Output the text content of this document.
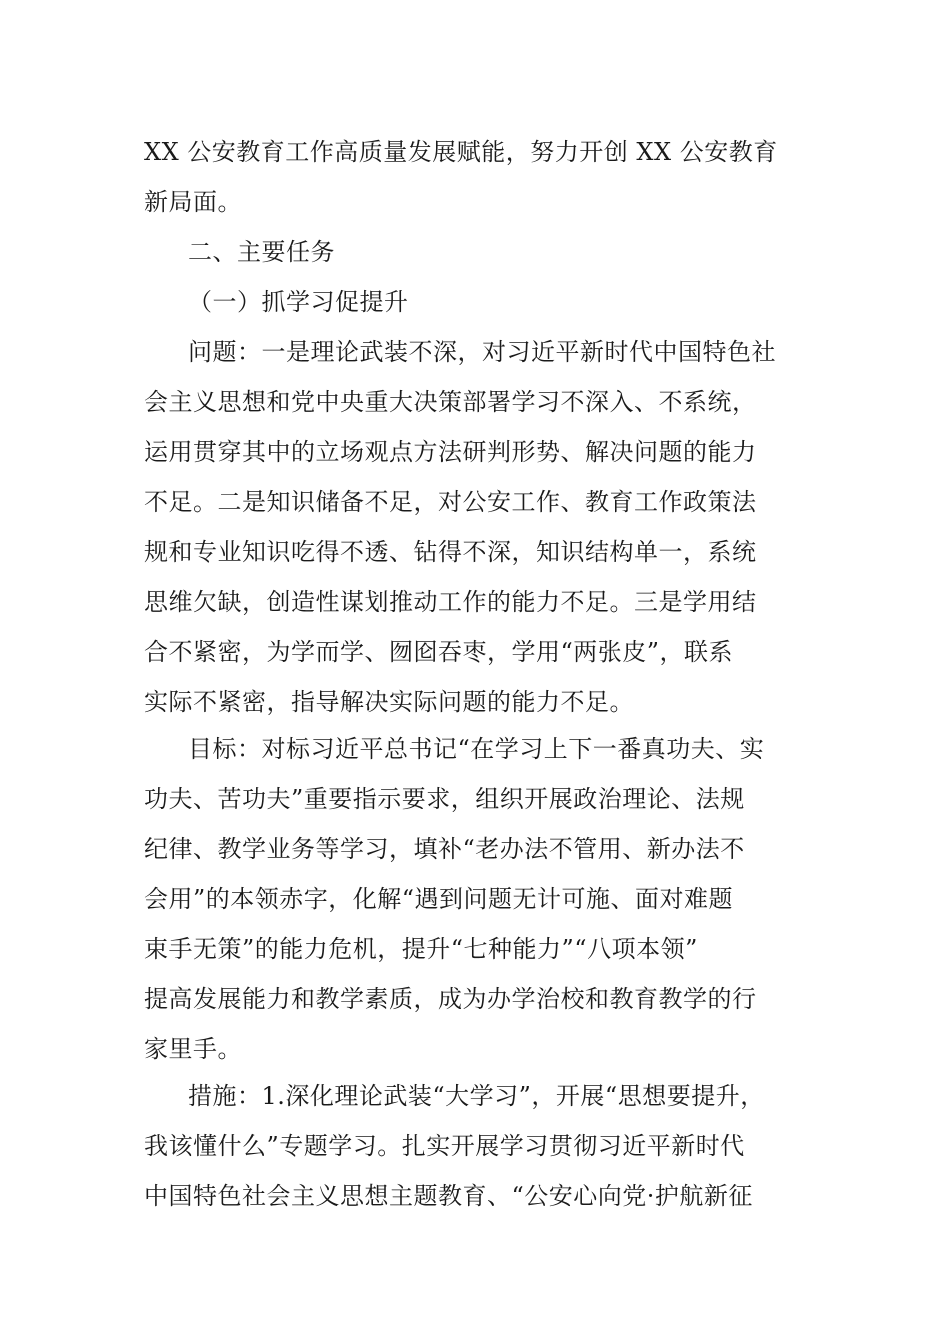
XX 公安教育工作高质量发展赋能，努力开创 XX 公安教育
新局面。
二、主要任务
（一）抓学习促提升
问题：一是理论武装不深，对习近平新时代中国特色社
会主义思想和党中央重大决策部署学习不深入、不系统，
运用贯穿其中的立场观点方法研判形势、解决问题的能力
不足。二是知识储备不足，对公安工作、教育工作政策法
规和专业知识吃得不透、钻得不深，知识结构单一，系统
思维欠缺，创造性谋划推动工作的能力不足。三是学用结
合不紧密，为学而学、囫囵吞枣，学用“两张皮”，联系
实际不紧密，指导解决实际问题的能力不足。
目标：对标习近平总书记“在学习上下一番真功夫、实
功夫、苦功夫”重要指示要求，组织开展政治理论、法规
纪律、教学业务等学习，填补“老办法不管用、新办法不
会用”的本领赤字，化解“遇到问题无计可施、面对难题
束手无策”的能力危机，提升“七种能力”“八项本领”
提高发展能力和教学素质，成为办学治校和教育教学的行
家里手。
措施：1.深化理论武装“大学习”，开展“思想要提升，
我该懂什么”专题学习。扎实开展学习贯彻习近平新时代
中国特色社会主义思想主题教育、“公安心向党·护航新征
